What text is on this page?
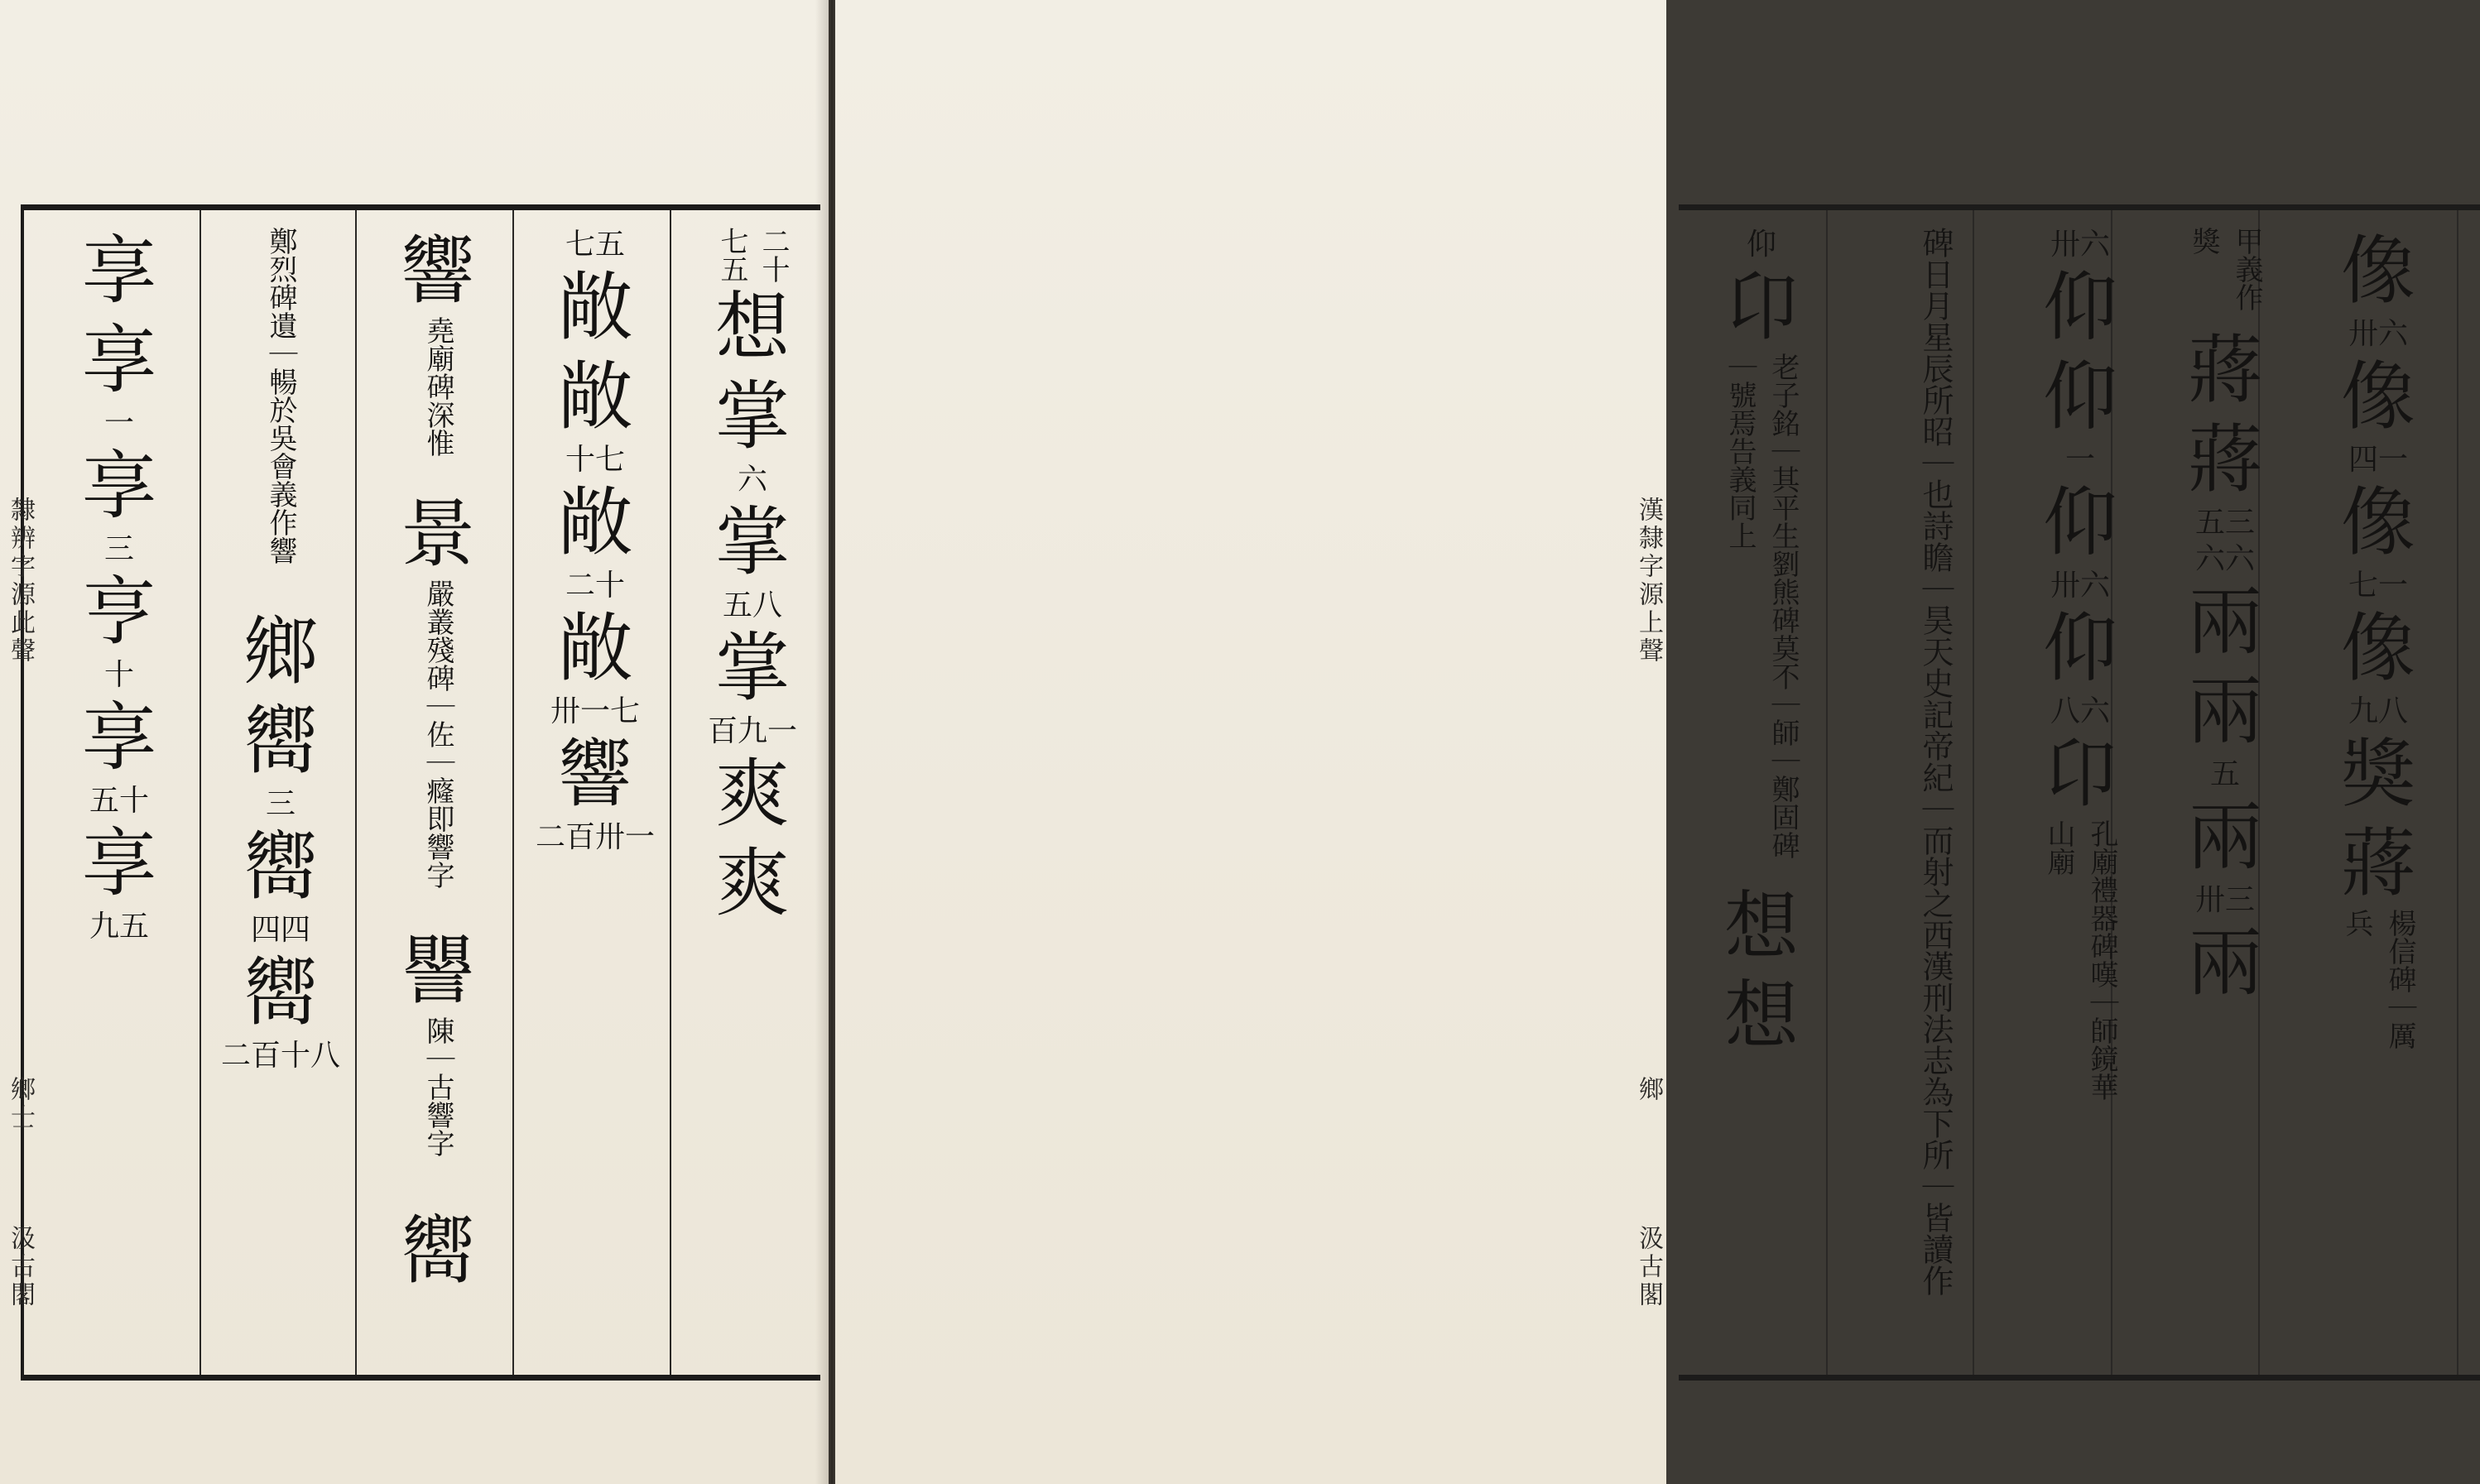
二十
七五
想
掌
六
掌
五八
掌
百九一
爽
爽
七五
敞
敞
十七
敞
二十
敞
卅一七
響
二百卅一
響
堯廟碑深惟
景
嚴叢殘碑｜佐｜癃即響字
譻
陳｜古響字
嚮
鄭烈碑遺｜暢於吳會義作響
鄉
嚮
三
嚮
四四
嚮
二百十八
享
享
一
享
三
亨
十
享
五十
享
九五
隸辨字源此聲
鄉士
汲古閣
像
卅六
像
四一
像
七一
像
九八
獎
蔣
楊信碑｜厲兵
甲義作獎
蔣
蔣
五三
六六
兩
兩
五
兩
卅三
兩
卅六
仰
仰
一
仰
卅六
仰
八六
卬
孔廟禮器碑嘆｜師鏡華山廟
碑日月星辰所昭｜也詩瞻｜昊天史記帝紀｜而射之西漢刑法志為下所｜皆讀作
仰
卬
老子銘｜其平生劉熊碑莫不｜師｜鄭固碑｜號焉告義同上
想
想
漢隸字源上聲
鄉
汲古閣
